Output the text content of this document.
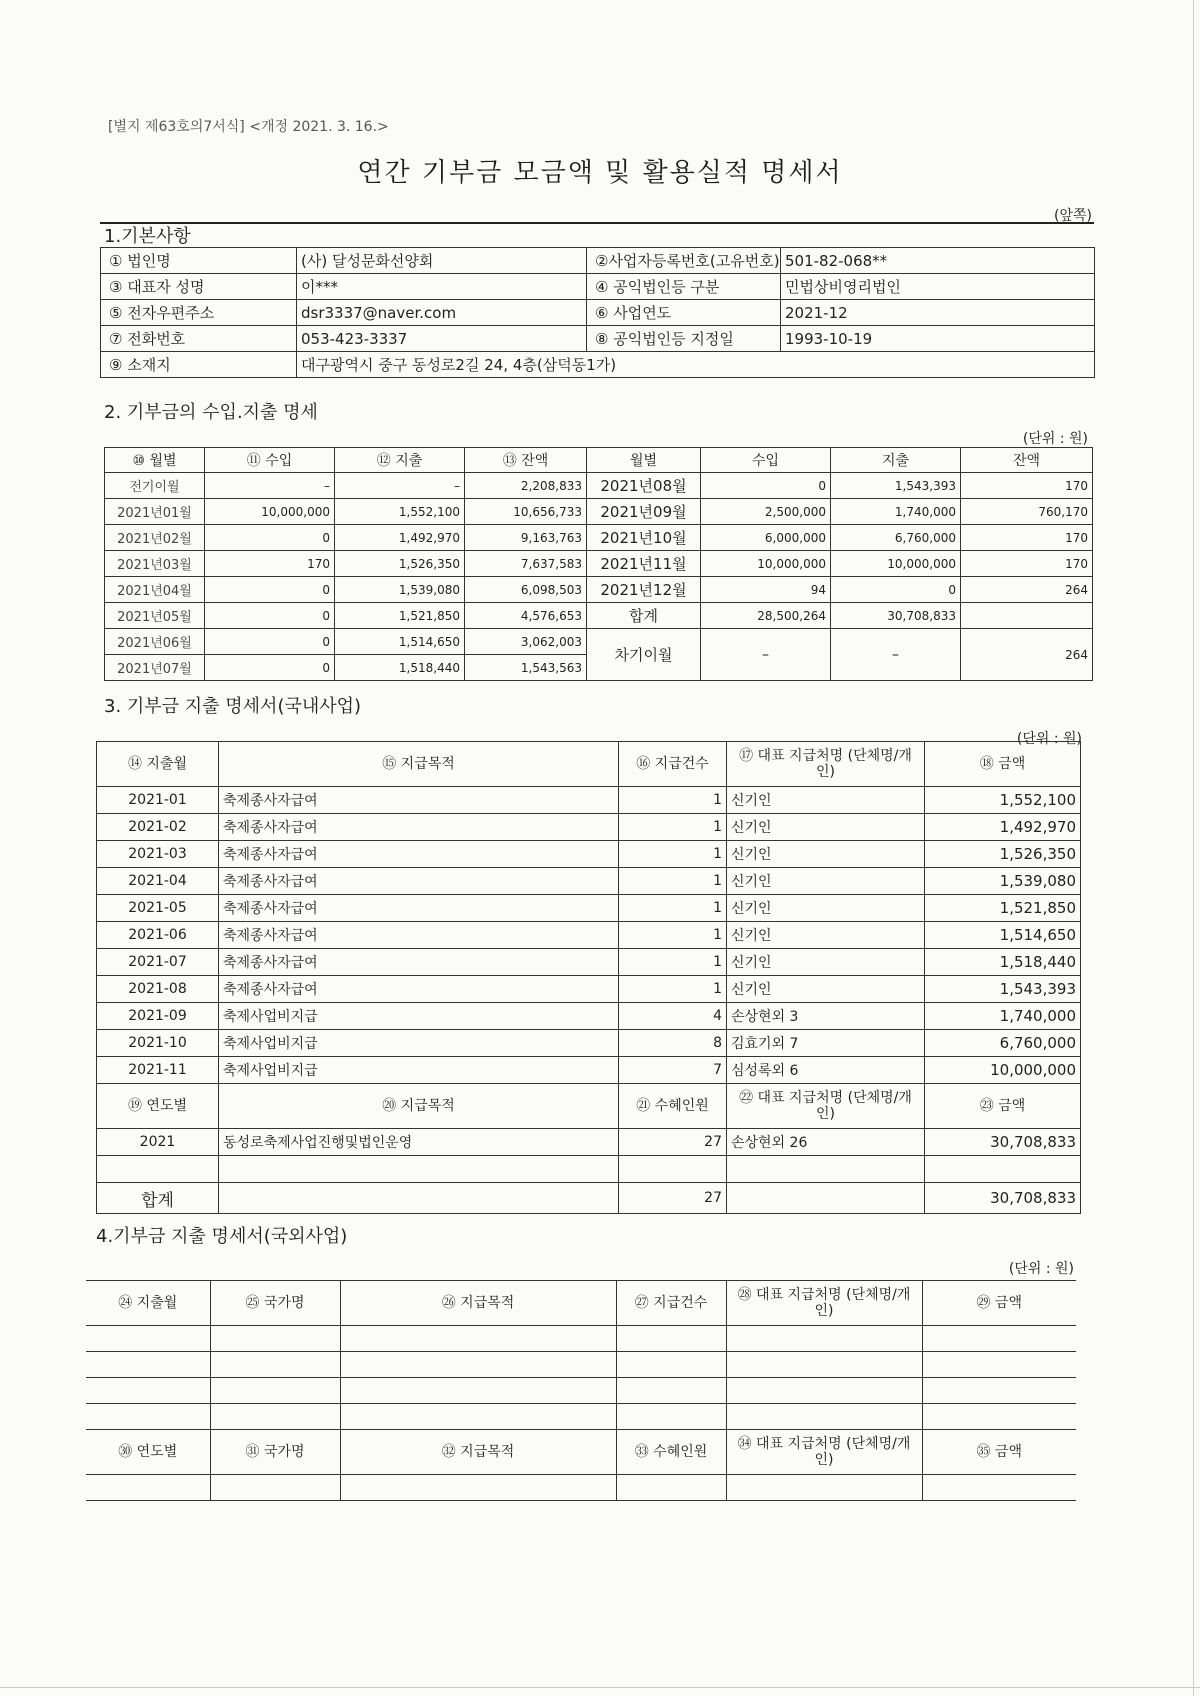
[별지 제63호의7서식] <개정 2021. 3. 16.>
연간 기부금 모금액 및 활용실적 명세서
(앞쪽)
1.기본사항
① 법인명	(사) 달성문화선양회	②사업자등록번호(고유번호)	501-82-068**
③ 대표자 성명	이***	④ 공익법인등 구분	민법상비영리법인
⑤ 전자우편주소	dsr3337@naver.com	⑥ 사업연도	2021-12
⑦ 전화번호	053-423-3337	⑧ 공익법인등 지정일	1993-10-19
⑨ 소재지	대구광역시 중구 동성로2길 24, 4층(삼덕동1가)		
2. 기부금의 수입.지출 명세
(단위 : 원)
⑩ 월별	⑪ 수입	⑫ 지출	⑬ 잔액	월별	수입	지출	잔액
전기이월	–	–	2,208,833	2021년08월	0	1,543,393	170
2021년01월	10,000,000	1,552,100	10,656,733	2021년09월	2,500,000	1,740,000	760,170
2021년02월	0	1,492,970	9,163,763	2021년10월	6,000,000	6,760,000	170
2021년03월	170	1,526,350	7,637,583	2021년11월	10,000,000	10,000,000	170
2021년04월	0	1,539,080	6,098,503	2021년12월	94	0	264
2021년05월	0	1,521,850	4,576,653	합계	28,500,264	30,708,833	
2021년06월	0	1,514,650	3,062,003	차기이월	–	–	264
2021년07월	0	1,518,440	1,543,563				
3. 기부금 지출 명세서(국내사업)
(단위 : 원)
⑭ 지출월	⑮ 지급목적	⑯ 지급건수	⑰ 대표 지급처명 (단체명/개인)	⑱ 금액
2021-01	축제종사자급여	1	신기인	1,552,100
2021-02	축제종사자급여	1	신기인	1,492,970
2021-03	축제종사자급여	1	신기인	1,526,350
2021-04	축제종사자급여	1	신기인	1,539,080
2021-05	축제종사자급여	1	신기인	1,521,850
2021-06	축제종사자급여	1	신기인	1,514,650
2021-07	축제종사자급여	1	신기인	1,518,440
2021-08	축제종사자급여	1	신기인	1,543,393
2021-09	축제사업비지급	4	손상현외 3	1,740,000
2021-10	축제사업비지급	8	김효기외 7	6,760,000
2021-11	축제사업비지급	7	심성록외 6	10,000,000
⑲ 연도별	⑳ 지급목적	㉑ 수혜인원	㉒ 대표 지급처명 (단체명/개인)	㉓ 금액
2021	동성로축제사업진행및법인운영	27	손상현외 26	30,708,833

합계		27		30,708,833
4.기부금 지출 명세서(국외사업)
(단위 : 원)
㉔ 지출월	㉕ 국가명	㉖ 지급목적	㉗ 지급건수	㉘ 대표 지급처명 (단체명/개인)	㉙ 금액

㉚ 연도별	㉛ 국가명	㉜ 지급목적	㉝ 수혜인원	㉞ 대표 지급처명 (단체명/개인)	㉟ 금액
